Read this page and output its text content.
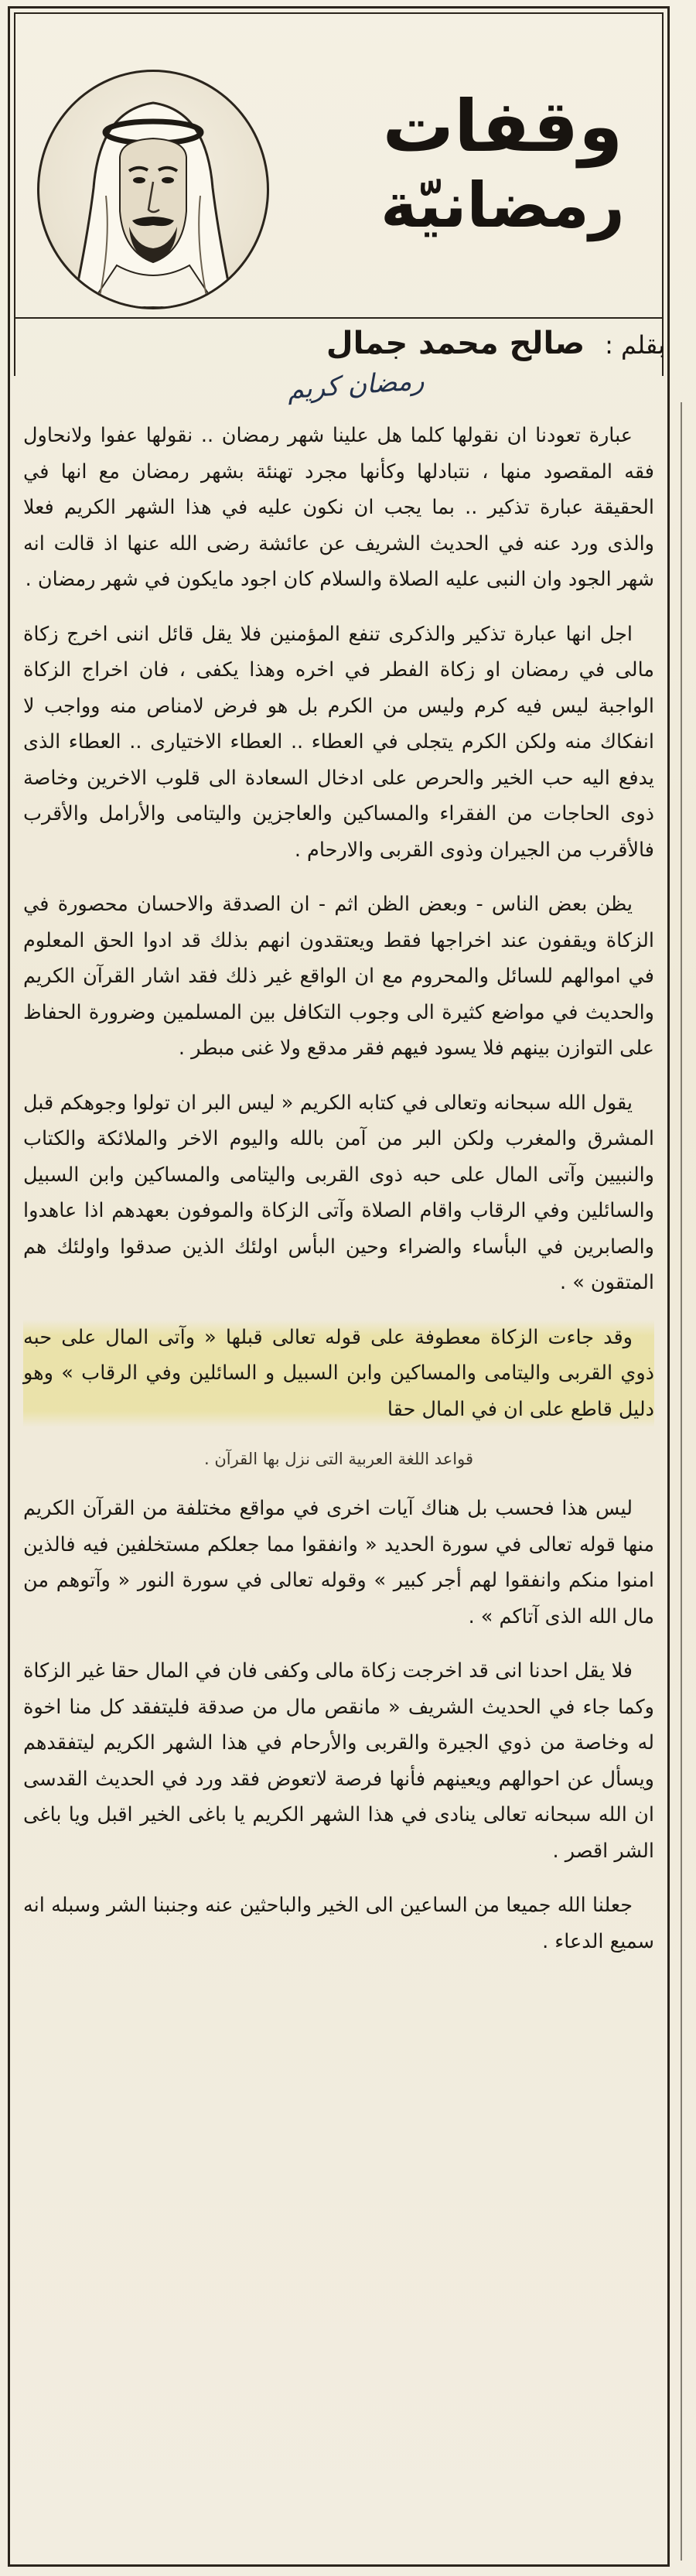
وقفات
رمضانيّة
بقلم : صالح محمد جمال
رمضان كريم

عبارة تعودنا ان نقولها كلما هل علينا شهر رمضان .. نقولها عفوا ولانحاول فقه المقصود منها ، نتبادلها وكأنها مجرد تهنئة بشهر رمضان مع انها في الحقيقة عبارة تذكير .. بما يجب ان نكون عليه في هذا الشهر الكريم فعلا والذى ورد عنه في الحديث الشريف عن عائشة رضى الله عنها اذ قالت انه شهر الجود وان النبى عليه الصلاة والسلام كان اجود مايكون في شهر رمضان .

اجل انها عبارة تذكير والذكرى تنفع المؤمنين فلا يقل قائل اننى اخرج زكاة مالى في رمضان او زكاة الفطر في اخره وهذا يكفى ، فان اخراج الزكاة الواجبة ليس فيه كرم وليس من الكرم بل هو فرض لامناص منه وواجب لا انفكاك منه ولكن الكرم يتجلى في العطاء .. العطاء الاختيارى .. العطاء الذى يدفع اليه حب الخير والحرص على ادخال السعادة الى قلوب الاخرين وخاصة ذوى الحاجات من الفقراء والمساكين والعاجزين واليتامى والأرامل والأقرب فالأقرب من الجيران وذوى القربى والارحام .

يظن بعض الناس - وبعض الظن اثم - ان الصدقة والاحسان محصورة في الزكاة ويقفون عند اخراجها فقط ويعتقدون انهم بذلك قد ادوا الحق المعلوم في اموالهم للسائل والمحروم مع ان الواقع غير ذلك فقد اشار القرآن الكريم والحديث في مواضع كثيرة الى وجوب التكافل بين المسلمين وضرورة الحفاظ على التوازن بينهم فلا يسود فيهم فقر مدقع ولا غنى مبطر .

يقول الله سبحانه وتعالى في كتابه الكريم « ليس البر ان تولوا وجوهكم قبل المشرق والمغرب ولكن البر من آمن بالله واليوم الاخر والملائكة والكتاب والنبيين وآتى المال على حبه ذوى القربى واليتامى والمساكين وابن السبيل والسائلين وفي الرقاب واقام الصلاة وآتى الزكاة والموفون بعهدهم اذا عاهدوا والصابرين في البأساء والضراء وحين البأس اولئك الذين صدقوا واولئك هم المتقون » .

وقد جاءت الزكاة معطوفة على قوله تعالى قبلها « وآتى المال على حبه ذوي القربى واليتامى والمساكين وابن السبيل و السائلين وفي الرقاب » وهو دليل قاطع على ان في المال حقا

قواعد اللغة العربية التى نزل بها القرآن .

ليس هذا فحسب بل هناك آيات اخرى في مواقع مختلفة من القرآن الكريم منها قوله تعالى في سورة الحديد « وانفقوا مما جعلكم مستخلفين فيه فالذين امنوا منكم وانفقوا لهم أجر كبير » وقوله تعالى في سورة النور « وآتوهم من مال الله الذى آتاكم » .

فلا يقل احدنا انى قد اخرجت زكاة مالى وكفى فان في المال حقا غير الزكاة وكما جاء في الحديث الشريف « مانقص مال من صدقة فليتفقد كل منا اخوة له وخاصة من ذوي الجيرة والقربى والأرحام في هذا الشهر الكريم ليتفقدهم ويسأل عن احوالهم ويعينهم فأنها فرصة لاتعوض فقد ورد في الحديث القدسى ان الله سبحانه تعالى ينادى في هذا الشهر الكريم يا باغى الخير اقبل ويا باغى الشر اقصر .

جعلنا الله جميعا من الساعين الى الخير والباحثين عنه وجنبنا الشر وسبله انه سميع الدعاء .
